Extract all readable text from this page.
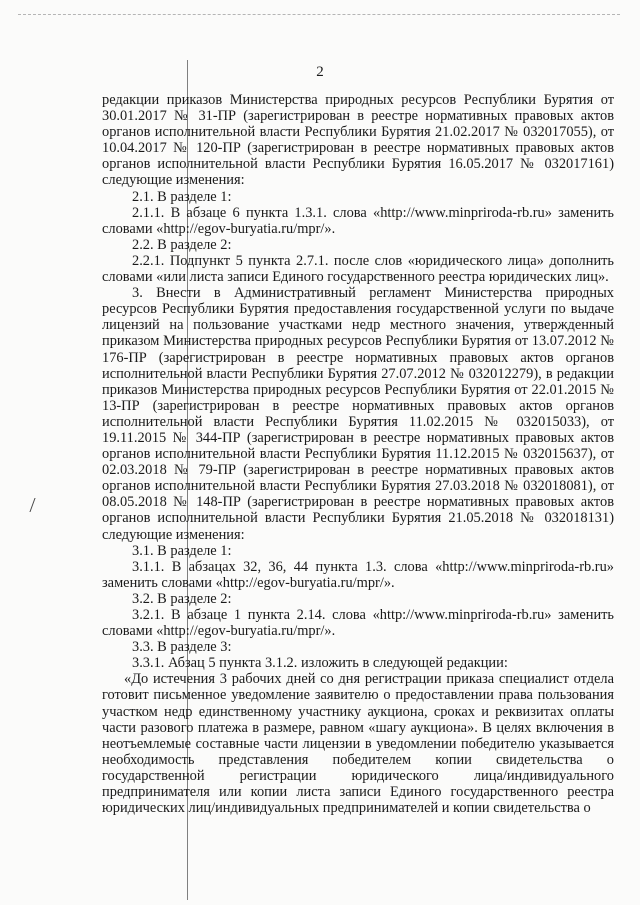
2

редакции приказов Министерства природных ресурсов Республики Бурятия от 30.01.2017 № 31-ПР (зарегистрирован в реестре нормативных правовых актов органов исполнительной власти Республики Бурятия 21.02.2017 № 032017055), от 10.04.2017 № 120-ПР (зарегистрирован в реестре нормативных правовых актов органов исполнительной власти Республики Бурятия 16.05.2017 № 032017161) следующие изменения:

2.1. В разделе 1:

2.1.1. В абзаце 6 пункта 1.3.1. слова «http://www.minpriroda-rb.ru» заменить словами «http://egov-buryatia.ru/mpr/».

2.2. В разделе 2:

2.2.1. Подпункт 5 пункта 2.7.1. после слов «юридического лица» дополнить словами «или листа записи Единого государственного реестра юридических лиц».

3. Внести в Административный регламент Министерства природных ресурсов Республики Бурятия предоставления государственной услуги по выдаче лицензий на пользование участками недр местного значения, утвержденный приказом Министерства природных ресурсов Республики Бурятия от 13.07.2012 № 176-ПР (зарегистрирован в реестре нормативных правовых актов органов исполнительной власти Республики Бурятия 27.07.2012 № 032012279), в редакции приказов Министерства природных ресурсов Республики Бурятия от 22.01.2015 № 13-ПР (зарегистрирован в реестре нормативных правовых актов органов исполнительной власти Республики Бурятия 11.02.2015 № 032015033), от 19.11.2015 № 344-ПР (зарегистрирован в реестре нормативных правовых актов органов исполнительной власти Республики Бурятия 11.12.2015 № 032015637), от 02.03.2018 № 79-ПР (зарегистрирован в реестре нормативных правовых актов органов исполнительной власти Республики Бурятия 27.03.2018 № 032018081), от 08.05.2018 № 148-ПР (зарегистрирован в реестре нормативных правовых актов органов исполнительной власти Республики Бурятия 21.05.2018 № 032018131) следующие изменения:

3.1. В разделе 1:

3.1.1. В абзацах 32, 36, 44 пункта 1.3. слова «http://www.minpriroda-rb.ru» заменить словами «http://egov-buryatia.ru/mpr/».

3.2. В разделе 2:

3.2.1. В абзаце 1 пункта 2.14. слова «http://www.minpriroda-rb.ru» заменить словами «http://egov-buryatia.ru/mpr/».

3.3. В разделе 3:

3.3.1. Абзац 5 пункта 3.1.2. изложить в следующей редакции:

«До истечения 3 рабочих дней со дня регистрации приказа специалист отдела готовит письменное уведомление заявителю о предоставлении права пользования участком недр единственному участнику аукциона, сроках и реквизитах оплаты части разового платежа в размере, равном «шагу аукциона». В целях включения в неотъемлемые составные части лицензии в уведомлении победителю указывается необходимость представления победителем копии свидетельства о государственной регистрации юридического лица/индивидуального предпринимателя или копии листа записи Единого государственного реестра юридических лиц/индивидуальных предпринимателей и копии свидетельства о
